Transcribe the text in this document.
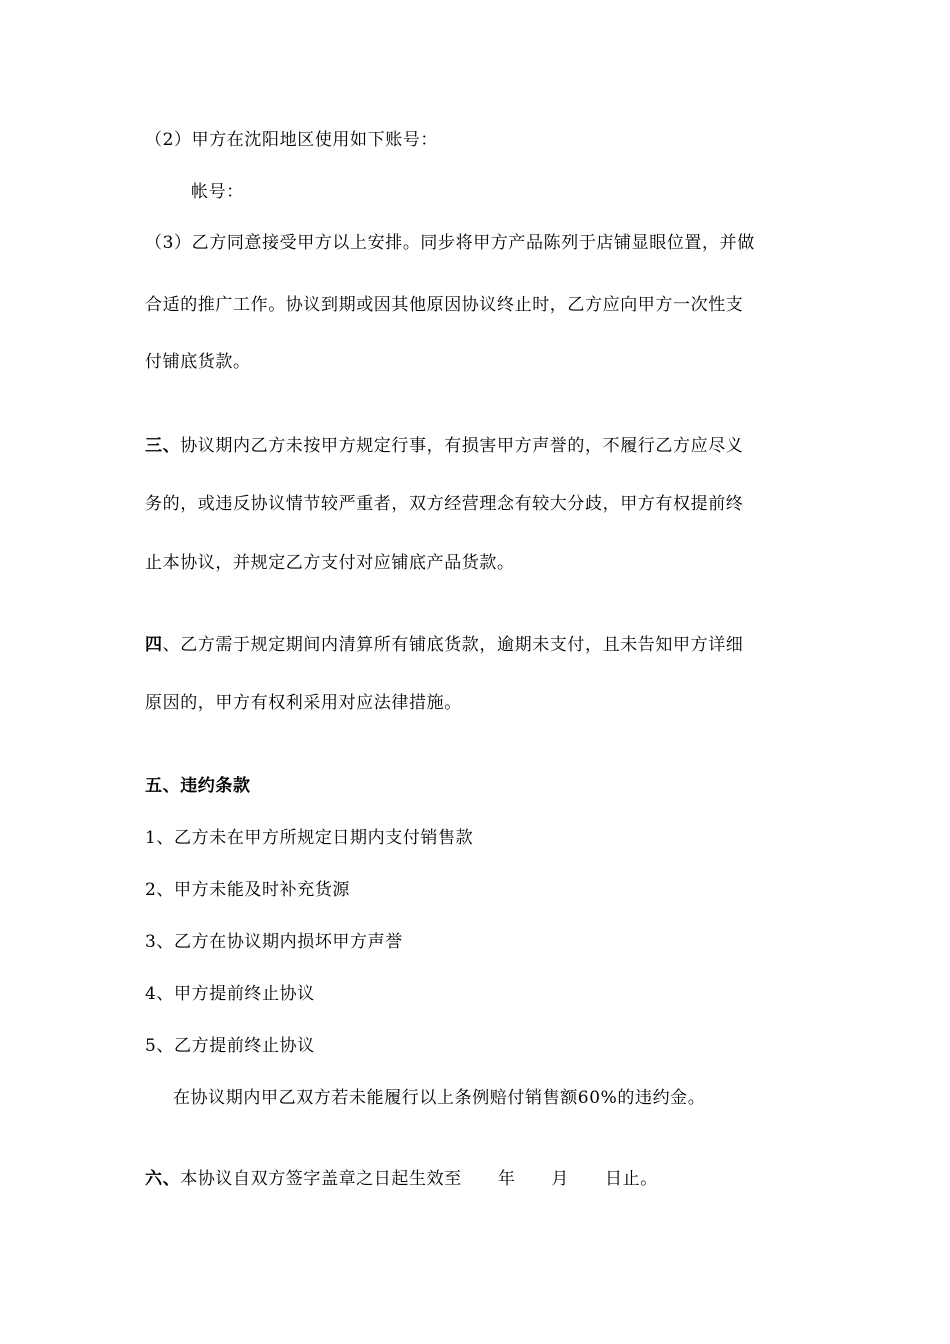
（2）甲方在沈阳地区使用如下账号：
帐号：
（3）乙方同意接受甲方以上安排。同步将甲方产品陈列于店铺显眼位置，并做
合适的推广工作。协议到期或因其他原因协议终止时，乙方应向甲方一次性支
付铺底货款。
三、协议期内乙方未按甲方规定行事，有损害甲方声誉的，不履行乙方应尽义
务的，或违反协议情节较严重者，双方经营理念有较大分歧，甲方有权提前终
止本协议，并规定乙方支付对应铺底产品货款。
四、乙方需于规定期间内清算所有铺底货款，逾期未支付，且未告知甲方详细
原因的，甲方有权利采用对应法律措施。
五、违约条款
1、乙方未在甲方所规定日期内支付销售款
2、甲方未能及时补充货源
3、乙方在协议期内损坏甲方声誉
4、甲方提前终止协议
5、乙方提前终止协议
在协议期内甲乙双方若未能履行以上条例赔付销售额60%的违约金。
六、本协议自双方签字盖章之日起生效至 年 月 日止。
